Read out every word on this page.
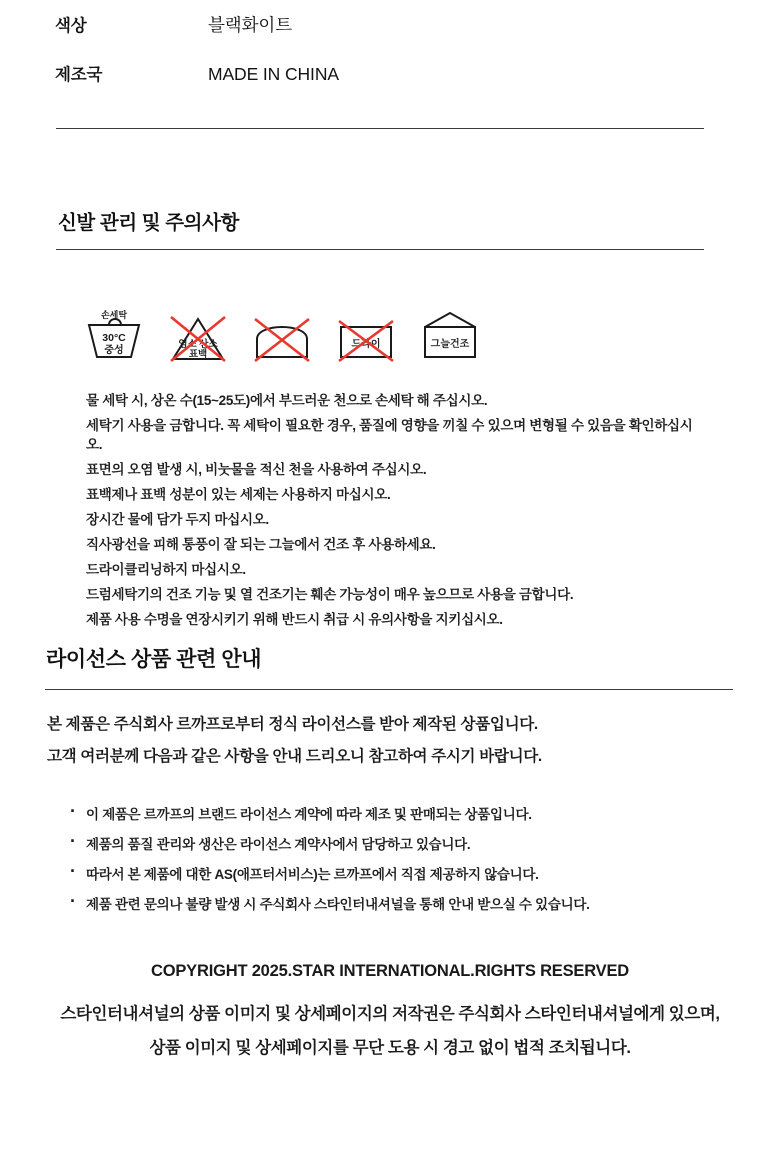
색상	블랙화이트
제조국	MADE IN CHINA
신발 관리 및 주의사항
손세탁
30°C
중성
염소 산소
표백
드라이	그늘건조

물 세탁 시, 상온 수(15~25도)에서 부드러운 천으로 손세탁 해 주십시오.

세탁기 사용을 금합니다. 꼭 세탁이 필요한 경우, 품질에 영향을 끼칠 수 있으며 변형될 수 있음을 확인하십시오.

표면의 오염 발생 시, 비눗물을 적신 천을 사용하여 주십시오.

표백제나 표백 성분이 있는 세제는 사용하지 마십시오.

장시간 물에 담가 두지 마십시오.

직사광선을 피해 통풍이 잘 되는 그늘에서 건조 후 사용하세요.

드라이클리닝하지 마십시오.

드럼세탁기의 건조 기능 및 열 건조기는 훼손 가능성이 매우 높으므로 사용을 금합니다.

제품 사용 수명을 연장시키기 위해 반드시 취급 시 유의사항을 지키십시오.

라이선스 상품 관련 안내

본 제품은 주식회사 르까프로부터 정식 라이선스를 받아 제작된 상품입니다.

고객 여러분께 다음과 같은 사항을 안내 드리오니 참고하여 주시기 바랍니다.

· 이 제품은 르까프의 브랜드 라이선스 계약에 따라 제조 및 판매되는 상품입니다.
· 제품의 품질 관리와 생산은 라이선스 계약사에서 담당하고 있습니다.
· 따라서 본 제품에 대한 AS(애프터서비스)는 르까프에서 직접 제공하지 않습니다.
· 제품 관련 문의나 불량 발생 시 주식회사 스타인터내셔널을 통해 안내 받으실 수 있습니다.

COPYRIGHT 2025.STAR INTERNATIONAL.RIGHTS RESERVED

스타인터내셔널의 상품 이미지 및 상세페이지의 저작권은 주식회사 스타인터내셔널에게 있으며,

상품 이미지 및 상세페이지를 무단 도용 시 경고 없이 법적 조치됩니다.
